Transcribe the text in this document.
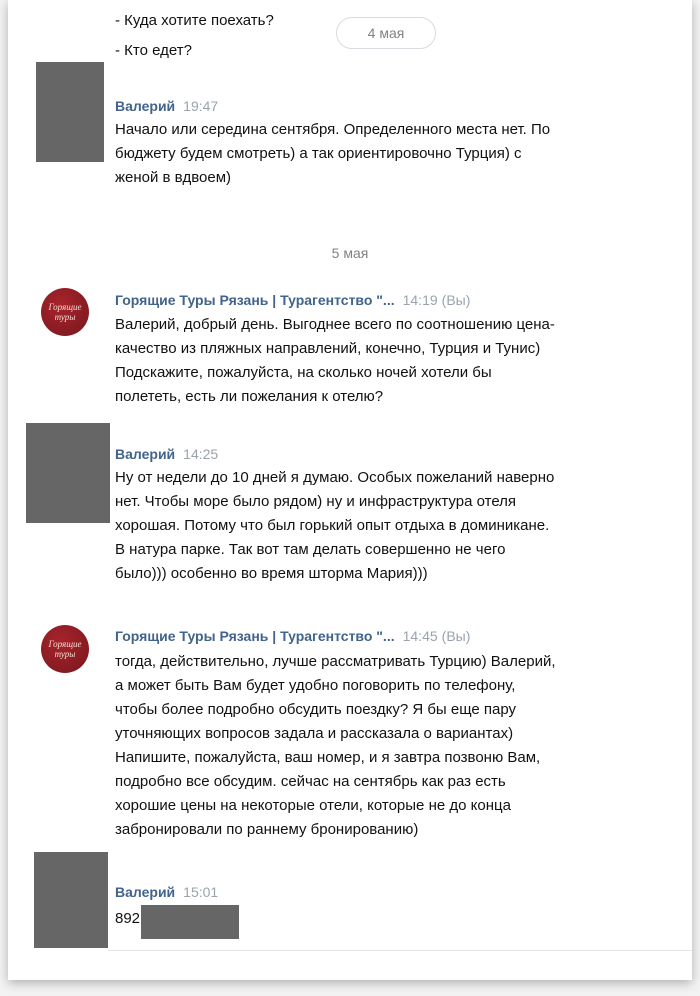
- Куда хотите поехать?
- Кто едет?
4 мая
Валерий 19:47
Начало или середина сентября. Определенного места нет. По
бюджету будем смотреть) а так ориентировочно Турция) с
женой в вдвоем)
5 мая
Горящие туры
Горящие Туры Рязань | Турагентство "... 14:19 (Вы)
Валерий, добрый день. Выгоднее всего по соотношению цена-
качество из пляжных направлений, конечно, Турция и Тунис)
Подскажите, пожалуйста, на сколько ночей хотели бы
полететь, есть ли пожелания к отелю?
Валерий 14:25
Ну от недели до 10 дней я думаю. Особых пожеланий наверно
нет. Чтобы море было рядом) ну и инфраструктура отеля
хорошая. Потому что был горький опыт отдыха в доминикане.
В натура парке. Так вот там делать совершенно не чего
было))) особенно во время шторма Мария)))
Горящие туры
Горящие Туры Рязань | Турагентство "... 14:45 (Вы)
тогда, действительно, лучше рассматривать Турцию) Валерий,
а может быть Вам будет удобно поговорить по телефону,
чтобы более подробно обсудить поездку? Я бы еще пару
уточняющих вопросов задала и рассказала о вариантах)
Напишите, пожалуйста, ваш номер, и я завтра позвоню Вам,
подробно все обсудим. сейчас на сентябрь как раз есть
хорошие цены на некоторые отели, которые не до конца
забронировали по раннему бронированию)
Валерий 15:01
892
